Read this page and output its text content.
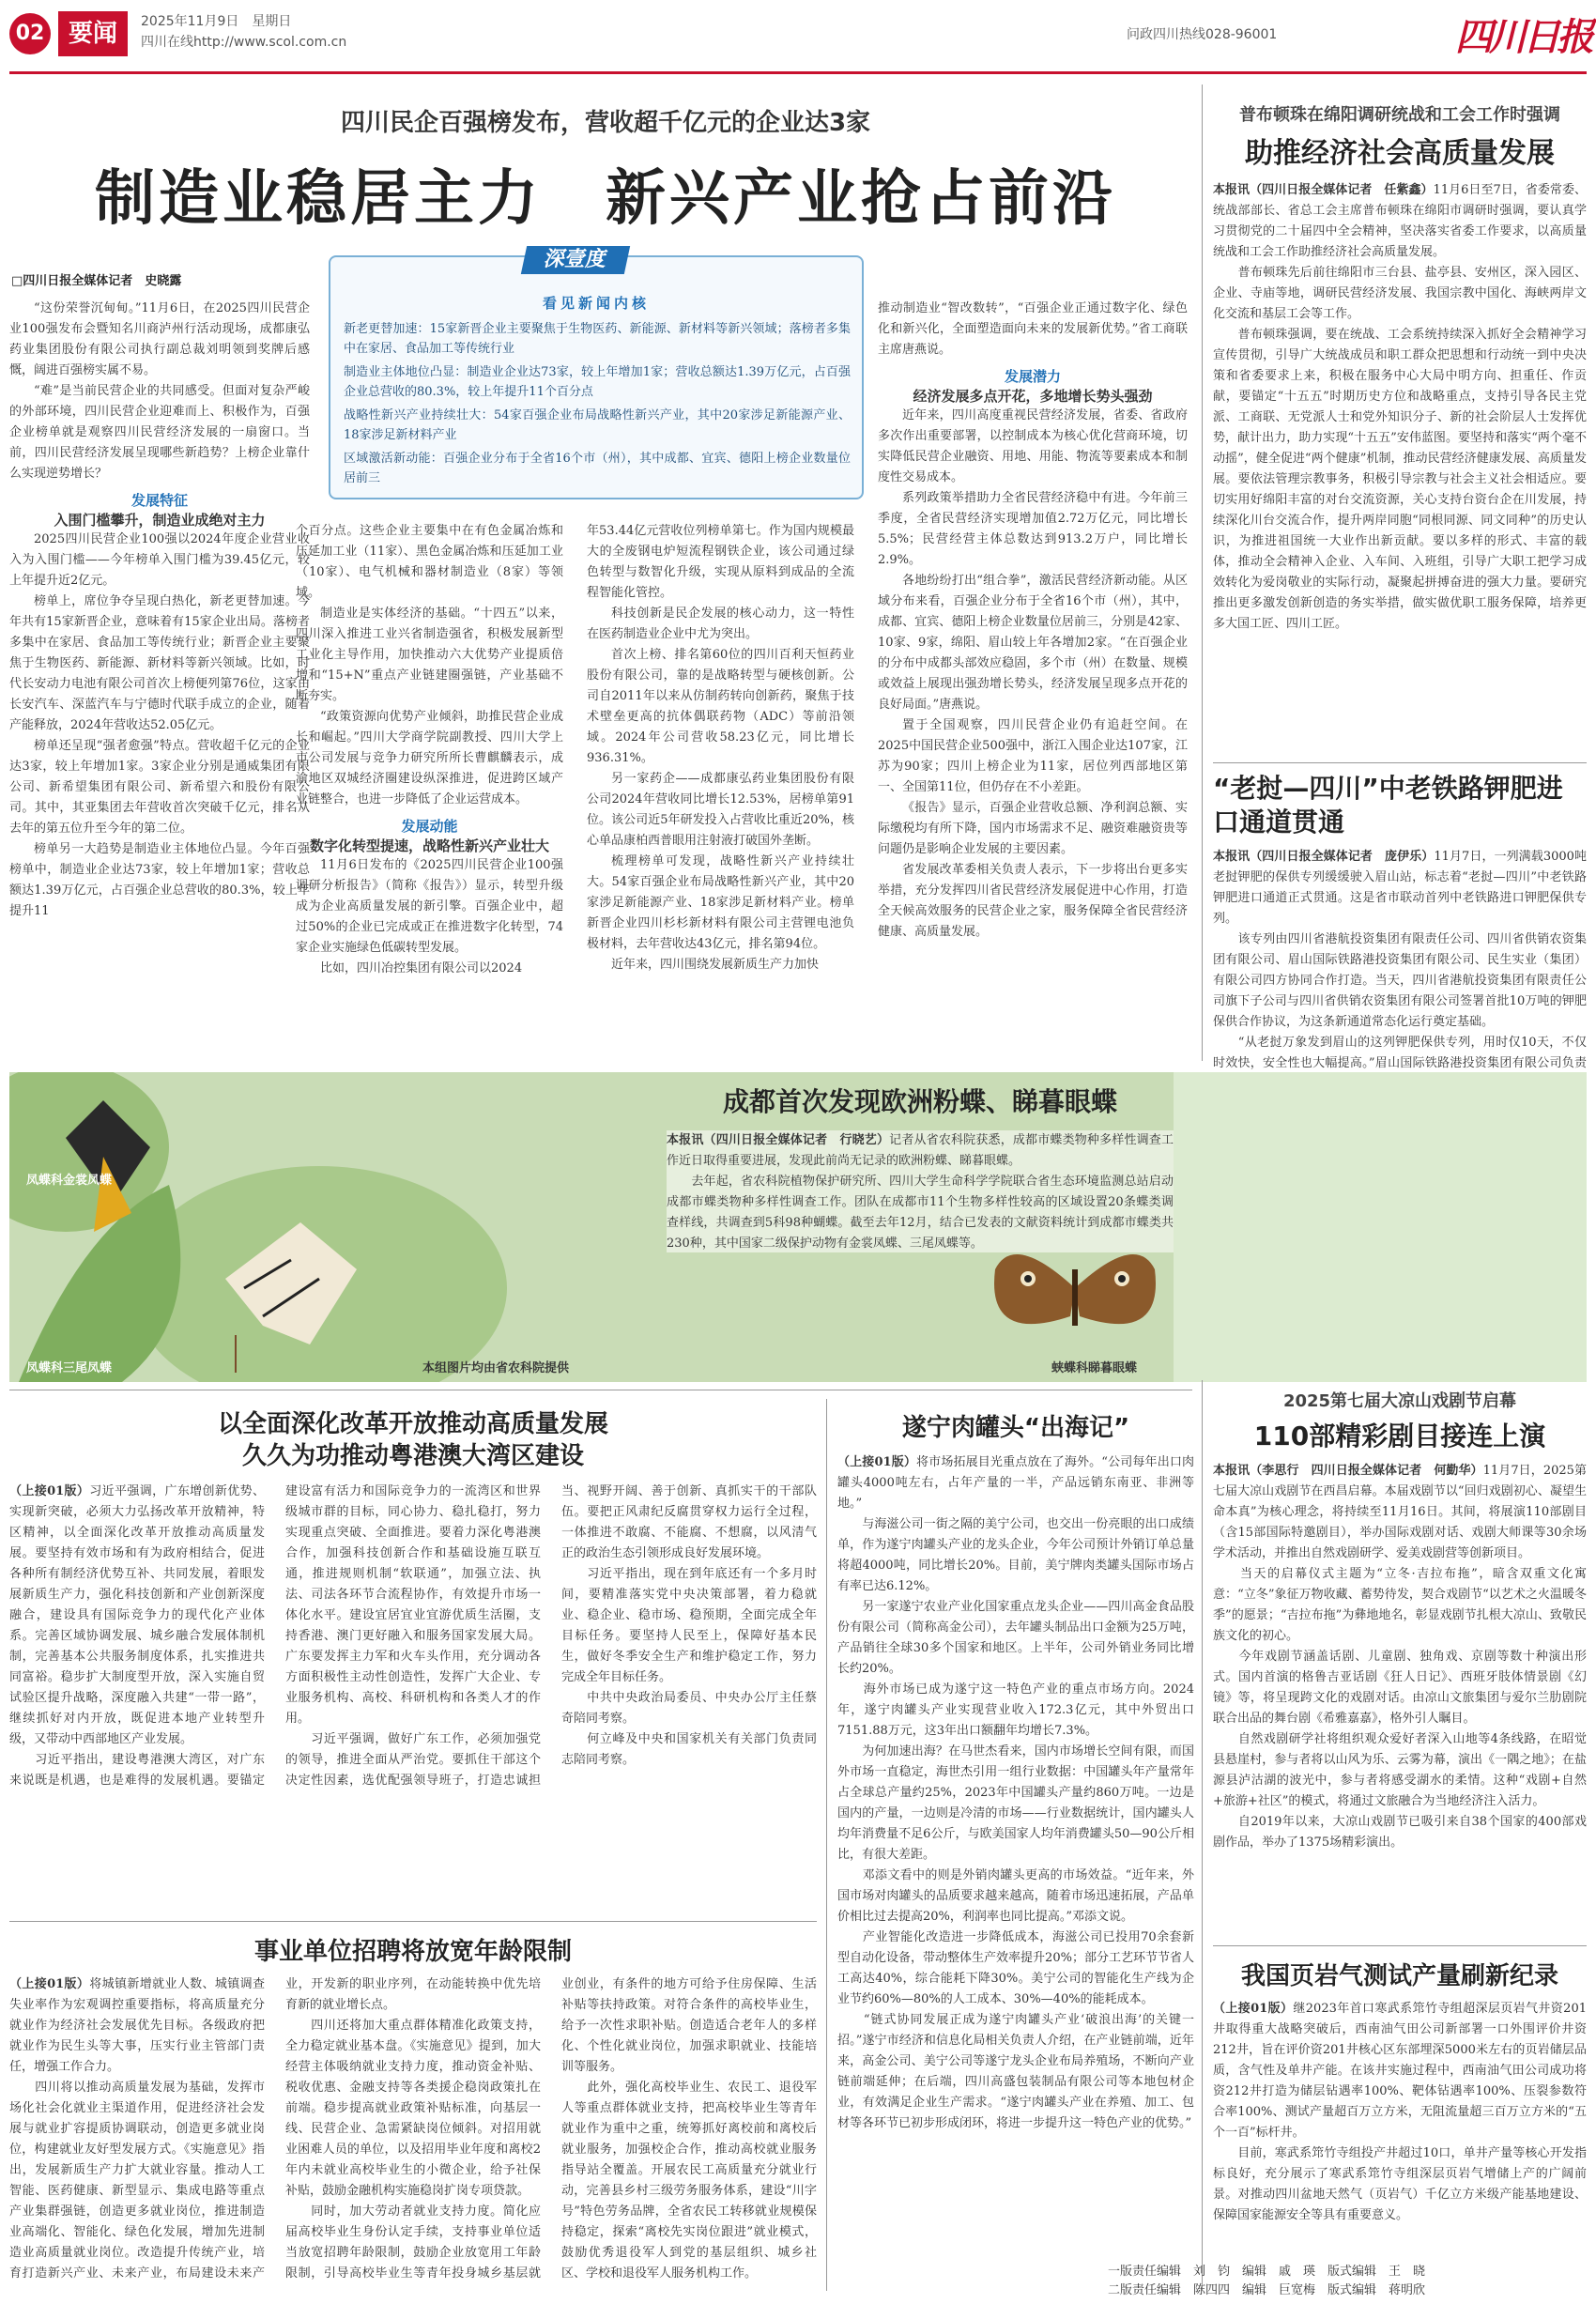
02 要闻	2025年11月9日　星期日
四川在线http://www.scol.com.cn	问政四川热线028-96001	四川日报
四川民企百强榜发布，营收超千亿元的企业达3家
制造业稳居主力　新兴产业抢占前沿
□四川日报全媒体记者　史晓露

“这份荣誉沉甸甸。”11月6日，在2025四川民营企业100强发布会暨知名川商泸州行活动现场，成都康弘药业集团股份有限公司执行副总裁刘明领到奖牌后感慨，阔进百强榜实属不易。

“难”是当前民营企业的共同感受。但面对复杂严峻的外部环境，四川民营企业迎难而上、积极作为，百强企业榜单就是观察四川民营经济发展的一扇窗口。当前，四川民营经济发展呈现哪些新趋势？上榜企业靠什么实现逆势增长？

发展特征
入围门槛攀升，制造业成绝对主力

2025四川民营企业100强以2024年度企业营业收入为入围门槛——今年榜单入围门槛为39.45亿元，较上年提升近2亿元。

榜单上，席位争夺呈现白热化，新老更替加速。今年共有15家新晋企业，意味着有15家企业出局。落榜者多集中在家居、食品加工等传统行业；新晋企业主要聚焦于生物医药、新能源、新材料等新兴领域。比如，时代长安动力电池有限公司首次上榜便列第76位，这家由长安汽车、深蓝汽车与宁德时代联手成立的企业，随着产能释放，2024年营收达52.05亿元。

榜单还呈现“强者愈强”特点。营收超千亿元的企业达3家，较上年增加1家。3家企业分别是通威集团有限公司、新希望集团有限公司、新希望六和股份有限公司。其中，其亚集团去年营收首次突破千亿元，排名从去年的第五位升至今年的第二位。

榜单另一大趋势是制造业主体地位凸显。今年百强榜单中，制造业企业达73家，较上年增加1家；营收总额达1.39万亿元，占百强企业总营收的80.3%，较上年提升11

看见新闻内核

新老更替加速：15家新晋企业主要聚焦于生物医药、新能源、新材料等新兴领域；落榜者多集中在家居、食品加工等传统行业

制造业主体地位凸显：制造业企业达73家，较上年增加1家；营收总额达1.39万亿元，占百强企业总营收的80.3%，较上年提升11个百分点

战略性新兴产业持续壮大：54家百强企业布局战略性新兴产业，其中20家涉足新能源产业、18家涉足新材料产业

区域激活新动能：百强企业分布于全省16个市（州），其中成都、宜宾、德阳上榜企业数量位居前三

深壹度

个百分点。这些企业主要集中在有色金属冶炼和压延加工业（11家）、黑色金属冶炼和压延加工业（10家）、电气机械和器材制造业（8家）等领域。

制造业是实体经济的基础。“十四五”以来，四川深入推进工业兴省制造强省，积极发展新型工业化主导作用，加快推动六大优势产业提质倍增和“15+N”重点产业链建圈强链，产业基础不断夯实。

“政策资源向优势产业倾斜，助推民营企业成长和崛起。”四川大学商学院副教授、四川大学上市公司发展与竞争力研究所所长曹麒麟表示，成渝地区双城经济圈建设纵深推进，促进跨区域产业链整合，也进一步降低了企业运营成本。

发展动能
数字化转型提速，战略性新兴产业壮大

11月6日发布的《2025四川民营企业100强调研分析报告》（简称《报告》）显示，转型升级成为企业高质量发展的新引擎。百强企业中，超过50%的企业已完成或正在推进数字化转型，74家企业实施绿色低碳转型发展。

比如，四川冶控集团有限公司以2024

年53.44亿元营收位列榜单第七。作为国内规模最大的全废钢电炉短流程钢铁企业，该公司通过绿色转型与数智化升级，实现从原料到成品的全流程智能化管控。

科技创新是民企发展的核心动力，这一特性在医药制造业企业中尤为突出。

首次上榜、排名第60位的四川百利天恒药业股份有限公司，靠的是战略转型与硬核创新。公司自2011年以来从仿制药转向创新药，聚焦于技术壁垒更高的抗体偶联药物（ADC）等前沿领域。2024年公司营收58.23亿元，同比增长936.31%。

另一家药企——成都康弘药业集团股份有限公司2024年营收同比增长12.53%，居榜单第91位。该公司近5年研发投入占营收比重近20%，核心单品康柏西普眼用注射液打破国外垄断。

梳理榜单可发现，战略性新兴产业持续壮大。54家百强企业布局战略性新兴产业，其中20家涉足新能源产业、18家涉足新材料产业。榜单新晋企业四川杉杉新材料有限公司主营锂电池负极材料，去年营收达43亿元，排名第94位。

近年来，四川围绕发展新质生产力加快

推动制造业“智改数转”，“百强企业正通过数字化、绿色化和新兴化，全面塑造面向未来的发展新优势。”省工商联主席唐燕说。

发展潜力
经济发展多点开花，多地增长势头强劲

近年来，四川高度重视民营经济发展，省委、省政府多次作出重要部署，以控制成本为核心优化营商环境，切实降低民营企业融资、用地、用能、物流等要素成本和制度性交易成本。

系列政策举措助力全省民营经济稳中有进。今年前三季度，全省民营经济实现增加值2.72万亿元，同比增长5.5%；民营经营主体总数达到913.2万户，同比增长2.9%。

各地纷纷打出“组合拳”，激活民营经济新动能。从区域分布来看，百强企业分布于全省16个市（州），其中，成都、宜宾、德阳上榜企业数量位居前三，分别是42家、10家、9家，绵阳、眉山较上年各增加2家。“在百强企业的分布中成都头部效应稳固，多个市（州）在数量、规模或效益上展现出强劲增长势头，经济发展呈现多点开花的良好局面。”唐燕说。

置于全国观察，四川民营企业仍有追赶空间。在2025中国民营企业500强中，浙江入围企业达107家，江苏为90家；四川上榜企业为11家，居位列西部地区第一、全国第11位，但仍存在不小差距。

《报告》显示，百强企业营收总额、净利润总额、实际缴税均有所下降，国内市场需求不足、融资难融资贵等问题仍是影响企业发展的主要因素。

省发展改革委相关负责人表示，下一步将出台更多实举措，充分发挥四川省民营经济发展促进中心作用，打造全天候高效服务的民营企业之家，服务保障全省民营经济健康、高质量发展。

普布顿珠在绵阳调研统战和工会工作时强调
助推经济社会高质量发展
本报讯（四川日报全媒体记者　任紫鑫）11月6日至7日，省委常委、统战部部长、省总工会主席普布顿珠在绵阳市调研时强调，要认真学习贯彻党的二十届四中全会精神，坚决落实省委工作要求，以高质量统战和工会工作助推经济社会高质量发展。
　　普布顿珠先后前往绵阳市三台县、盐亭县、安州区，深入园区、企业、寺庙等地，调研民营经济发展、我国宗教中国化、海峡两岸文化交流和基层工会等工作。
　　普布顿珠强调，要在统战、工会系统持续深入抓好全会精神学习宣传贯彻，引导广大统战成员和职工群众把思想和行动统一到中央决策和省委要求上来，积极在服务中心大局中明方向、担重任、作贡献，要锚定“十五五”时期历史方位和战略重点，支持引导各民主党派、工商联、无党派人士和党外知识分子、新的社会阶层人士发挥优势，献计出力，助力实现“十五五”安伟蓝图。要坚持和落实“两个毫不动摇”，健全促进“两个健康”机制，推动民营经济健康发展、高质量发展。要依法管理宗教事务，积极引导宗教与社会主义社会相适应。要切实用好绵阳丰富的对台交流资源，关心支持台资台企在川发展，持续深化川台交流合作，提升两岸同胞“同根同源、同文同种”的历史认识，为推进祖国统一大业作出新贡献。要以多样的形式、丰富的载体，推动全会精神入企业、入车间、入班组，引导广大职工把学习成效转化为爱岗敬业的实际行动，凝聚起拼搏奋进的强大力量。要研究推出更多激发创新创造的务实举措，做实做优职工服务保障，培养更多大国工匠、四川工匠。
“老挝—四川”中老铁路钾肥进口通道贯通
本报讯（四川日报全媒体记者　庞伊乐）11月7日，一列满载3000吨老挝钾肥的保供专列缓缓驶入眉山站，标志着“老挝—四川”中老铁路钾肥进口通道正式贯通。这是省市联动首列中老铁路进口钾肥保供专列。
　　该专列由四川省港航投资集团有限责任公司、四川省供销农资集团有限公司、眉山国际铁路港投资集团有限公司、民生实业（集团）有限公司四方协同合作打造。当天，四川省港航投资集团有限责任公司旗下子公司与四川省供销农资集团有限公司签署首批10万吨的钾肥保供合作协议，为这条新通道常态化运行奠定基础。
　　“从老挝万象发到眉山的这列钾肥保供专列，用时仅10天，不仅时效快，安全性也大幅提高。”眉山国际铁路港投资集团有限公司负责

凤蝶科金裳凤蝶
凤蝶科三尾凤蝶	本组图片均由省农科院提供	蛱蝶科睇暮眼蝶
成都首次发现欧洲粉蝶、睇暮眼蝶
本报讯（四川日报全媒体记者　行晓艺）记者从省农科院获悉，成都市蝶类物种多样性调查工作近日取得重要进展，发现此前尚无记录的欧洲粉蝶、睇暮眼蝶。
　　去年起，省农科院植物保护研究所、四川大学生命科学学院联合省生态环境监测总站启动成都市蝶类物种多样性调查工作。团队在成都市11个生物多样性较高的区域设置20条蝶类调查样线，共调查到5科98种蝴蝶。截至去年12月，结合已发表的文献资料统计到成都市蝶类共230种，其中国家二级保护动物有金裳凤蝶、三尾凤蝶等。
2025第七届大凉山戏剧节启幕
110部精彩剧目接连上演
本报讯（李思行　四川日报全媒体记者　何勤华）11月7日，2025第七届大凉山戏剧节在西昌启幕。本届戏剧节以“回归戏剧初心、凝望生命本真”为核心理念，将持续至11月16日。其间，将展演110部剧目（含15部国际特邀剧目），举办国际戏剧对话、戏剧大师课等30余场学术活动，并推出自然戏剧研学、爱美戏剧营等创新项目。
　　当天的启幕仪式主题为“立冬·吉拉布拖”，暗含双重文化寓意：“立冬”象征万物收藏、蓄势待发，契合戏剧节“以艺术之火温暖冬季”的愿景；“吉拉布拖”为彝地地名，彰显戏剧节扎根大凉山、致敬民族文化的初心。
　　今年戏剧节涵盖话剧、儿童剧、独角戏、京剧等数十种演出形式。国内首演的格鲁吉亚话剧《狂人日记》、西班牙肢体情景剧《幻镜》等，将呈现跨文化的戏剧对话。由凉山文旅集团与爱尔兰肋剧院联合出品的舞台剧《希雅嘉嘉》，格外引人瞩目。
　　自然戏剧研学社将组织观众爱好者深入山地等4条线路，在昭觉县悬崖村，参与者将以山风为乐、云雾为幕，演出《一隅之地》；在盐源县泸沽湖的波光中，参与者将感受湖水的柔情。这种“戏剧+自然+旅游+社区”的模式，将通过文旅融合为当地经济注入活力。
　　自2019年以来，大凉山戏剧节已吸引来自38个国家的400部戏剧作品，举办了1375场精彩演出。
我国页岩气测试产量刷新纪录
（上接01版）继2023年首口寒武系筇竹寺组超深层页岩气井资201井取得重大战略突破后，西南油气田公司新部署一口外围评价井资212井，旨在评价资201井核心区东部埋深5000米左右的页岩储层品质，含气性及单井产能。在该井实施过程中，西南油气田公司成功将资212井打造为储层钻遇率100%、靶体钻遇率100%、压裂参数符合率100%、测试产量超百万立方米，无阻流量超三百万立方米的“五个一百”标杆井。
　　目前，寒武系筇竹寺组投产井超过10口，单井产量等核心开发指标良好，充分展示了寒武系筇竹寺组深层页岩气增储上产的广阔前景。对推动四川盆地天然气（页岩气）千亿立方米级产能基地建设、保障国家能源安全等具有重要意义。
以全面深化改革开放推动高质量发展
久久为功推动粤港澳大湾区建设
（上接01版）习近平强调，广东增创新优势、实现新突破，必须大力弘扬改革开放精神，特区精神，以全面深化改革开放推动高质量发展。要坚持有效市场和有为政府相结合，促进各种所有制经济优势互补、共同发展，着眼发展新质生产力，强化科技创新和产业创新深度融合，建设具有国际竞争力的现代化产业体系。完善区域协调发展、城乡融合发展体制机制，完善基本公共服务制度体系，扎实推进共同富裕。稳步扩大制度型开放，深入实施自贸试验区提升战略，深度融入共建“一带一路”，继续抓好对内开放，既促进本地产业转型升级，又带动中西部地区产业发展。
　　习近平指出，建设粤港澳大湾区，对广东来说既是机遇，也是难得的发展机遇。要锚定建设富有活力和国际竞争力的一流湾区和世界级城市群的目标，同心协力、稳扎稳打，努力实现重点突破、全面推进。要着力深化粤港澳合作，加强科技创新合作和基础设施互联互通，推进规则机制“软联通”，加强立法、执法、司法各环节合流程协作，有效提升市场一体化水平。建设宜居宜业宜游优质生活圈，支持香港、澳门更好融入和服务国家发展大局。广东要发挥主力军和火车头作用，充分调动各方面积极性主动性创造性，发挥广大企业、专业服务机构、高校、科研机构和各类人才的作用。
　　习近平强调，做好广东工作，必须加强党的领导，推进全面从严治党。要抓住干部这个决定性因素，选优配强领导班子，打造忠诚担当、视野开阔、善于创新、真抓实干的干部队伍。要把正风肃纪反腐贯穿权力运行全过程，一体推进不敢腐、不能腐、不想腐，以风清气正的政治生态引领形成良好发展环境。
　　习近平指出，现在到年底还有一个多月时间，要精准落实党中央决策部署，着力稳就业、稳企业、稳市场、稳预期，全面完成全年目标任务。要坚持人民至上，保障好基本民生，做好冬季安全生产和维护稳定工作，努力完成全年目标任务。
　　中共中央政治局委员、中央办公厅主任蔡奇陪同考察。
　　何立峰及中央和国家机关有关部门负责同志陪同考察。
事业单位招聘将放宽年龄限制
（上接01版）将城镇新增就业人数、城镇调查失业率作为宏观调控重要指标，将高质量充分就业作为经济社会发展优先目标。各级政府把就业作为民生头等大事，压实行业主管部门责任，增强工作合力。
　　四川将以推动高质量发展为基础，发挥市场化社会化就业主渠道作用，促进经济社会发展与就业扩容提质协调联动，创造更多就业岗位，构建就业友好型发展方式。《实施意见》指出，发展新质生产力扩大就业容量。推动人工智能、医药健康、新型显示、集成电路等重点产业集群强链，创造更多就业岗位，推进制造业高端化、智能化、绿色化发展，增加先进制造业高质量就业岗位。改造提升传统产业，培育打造新兴产业、未来产业，布局建设未来产业，开发新的职业序列，在动能转换中优先培育新的就业增长点。
　　四川还将加大重点群体精准化政策支持，全力稳定就业基本盘。《实施意见》提到，加大经营主体吸纳就业支持力度，推动资金补贴、税收优惠、金融支持等各类援企稳岗政策扎在前端。稳步提高就业政策补贴标准，向基层一线、民营企业、急需紧缺岗位倾斜。对招用就业困难人员的单位，以及招用毕业年度和离校2年内未就业高校毕业生的小微企业，给予社保补贴，鼓励金融机构实施稳岗扩岗专项贷款。
　　同时，加大劳动者就业支持力度。简化应届高校毕业生身份认定手续，支持事业单位适当放宽招聘年龄限制，鼓励企业放宽用工年龄限制，引导高校毕业生等青年投身城乡基层就业创业，有条件的地方可给予住房保障、生活补贴等扶持政策。对符合条件的高校毕业生，给予一次性求职补贴。创造适合老年人的多样化、个性化就业岗位，加强求职就业、技能培训等服务。
　　此外，强化高校毕业生、农民工、退役军人等重点群体就业支持，把高校毕业生等青年就业作为重中之重，统筹抓好离校前和离校后就业服务，加强校企合作，推动高校就业服务指导站全覆盖。开展农民工高质量充分就业行动，完善县乡村三级劳务服务体系，建设“川字号”特色劳务品牌，全省农民工转移就业规模保持稳定，探索“离校先实岗位跟进”就业模式，鼓励优秀退役军人到党的基层组织、城乡社区、学校和退役军人服务机构工作。
遂宁肉罐头“出海记”
（上接01版）将市场拓展目光重点放在了海外。“公司每年出口肉罐头4000吨左右，占年产量的一半，产品远销东南亚、非洲等地。”
　　与海滋公司一街之隔的美宁公司，也交出一份亮眼的出口成绩单，作为遂宁肉罐头产业的龙头企业，今年公司预计外销订单总量将超4000吨，同比增长20%。目前，美宁牌肉类罐头国际市场占有率已达6.12%。
　　另一家遂宁农业产业化国家重点龙头企业——四川高金食品股份有限公司（简称高金公司），去年罐头制品出口金额为25万吨，产品销往全球30多个国家和地区。上半年，公司外销业务同比增长约20%。
　　海外市场已成为遂宁这一特色产业的重点市场方向。2024年，遂宁肉罐头产业实现营业收入172.3亿元，其中外贸出口7151.88万元，这3年出口额翻年均增长7.3%。
　　为何加速出海？在马世杰看来，国内市场增长空间有限，而国外市场一直稳定，海世杰引用一组行业数据：中国罐头年产量常年占全球总产量约25%，2023年中国罐头产量约860万吨。一边是国内的产量，一边则是冷清的市场——行业数据统计，国内罐头人均年消费量不足6公斤，与欧美国家人均年消费罐头50—90公斤相比，有很大差距。
　　邓添文看中的则是外销肉罐头更高的市场效益。“近年来，外国市场对肉罐头的品质要求越来越高，随着市场迅速拓展，产品单价相比过去提高20%，利润率也同比提高。”邓添文说。
　　产业智能化改造进一步降低成本，海滋公司已投用70余套新型自动化设备，带动整体生产效率提升20%；部分工艺环节节省人工高达40%，综合能耗下降30%。美宁公司的智能化生产线为企业节约60%—80%的人工成本、30%—40%的能耗成本。
　　“链式协同发展正成为遂宁肉罐头产业‘破浪出海’的关键一招。”遂宁市经济和信息化局相关负责人介绍，在产业链前端，近年来，高金公司、美宁公司等遂宁龙头企业布局养殖场，不断向产业链前端延伸；在后端，四川高盛包装制品有限公司等本地包材企业，有效满足企业生产需求。“遂宁肉罐头产业在养殖、加工、包材等各环节已初步形成闭环，将进一步提升这一特色产业的优势。”
一版责任编辑　刘　钧　编辑　戚　瑛　版式编辑　王　晓
二版责任编辑　陈四四　编辑　巨宽梅　版式编辑　蒋明欣
